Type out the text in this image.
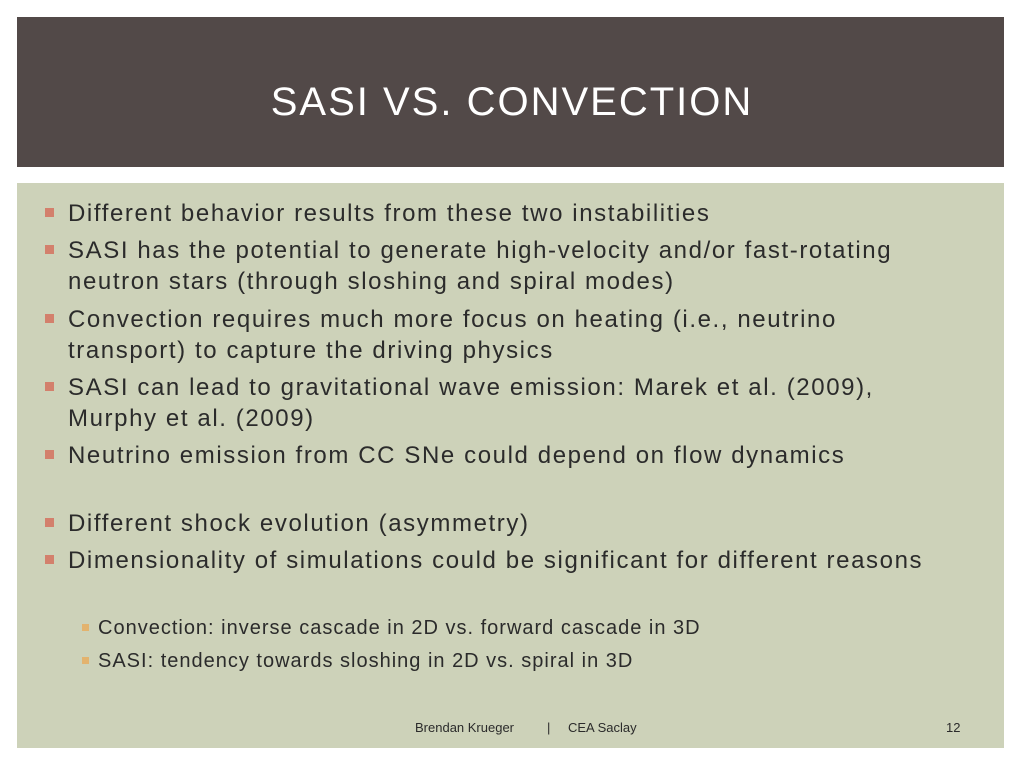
SASI VS. CONVECTION
Different behavior results from these two instabilities
SASI has the potential to generate high-velocity and/or fast-rotating neutron stars (through sloshing and spiral modes)
Convection requires much more focus on heating (i.e., neutrino transport) to capture the driving physics
SASI can lead to gravitational wave emission: Marek et al. (2009), Murphy et al. (2009)
Neutrino emission from CC SNe could depend on flow dynamics
Different shock evolution (asymmetry)
Dimensionality of simulations could be significant for different reasons
Convection: inverse cascade in 2D vs. forward cascade in 3D
SASI: tendency towards sloshing in 2D vs. spiral in 3D
Brendan Krueger	| CEA Saclay	12
